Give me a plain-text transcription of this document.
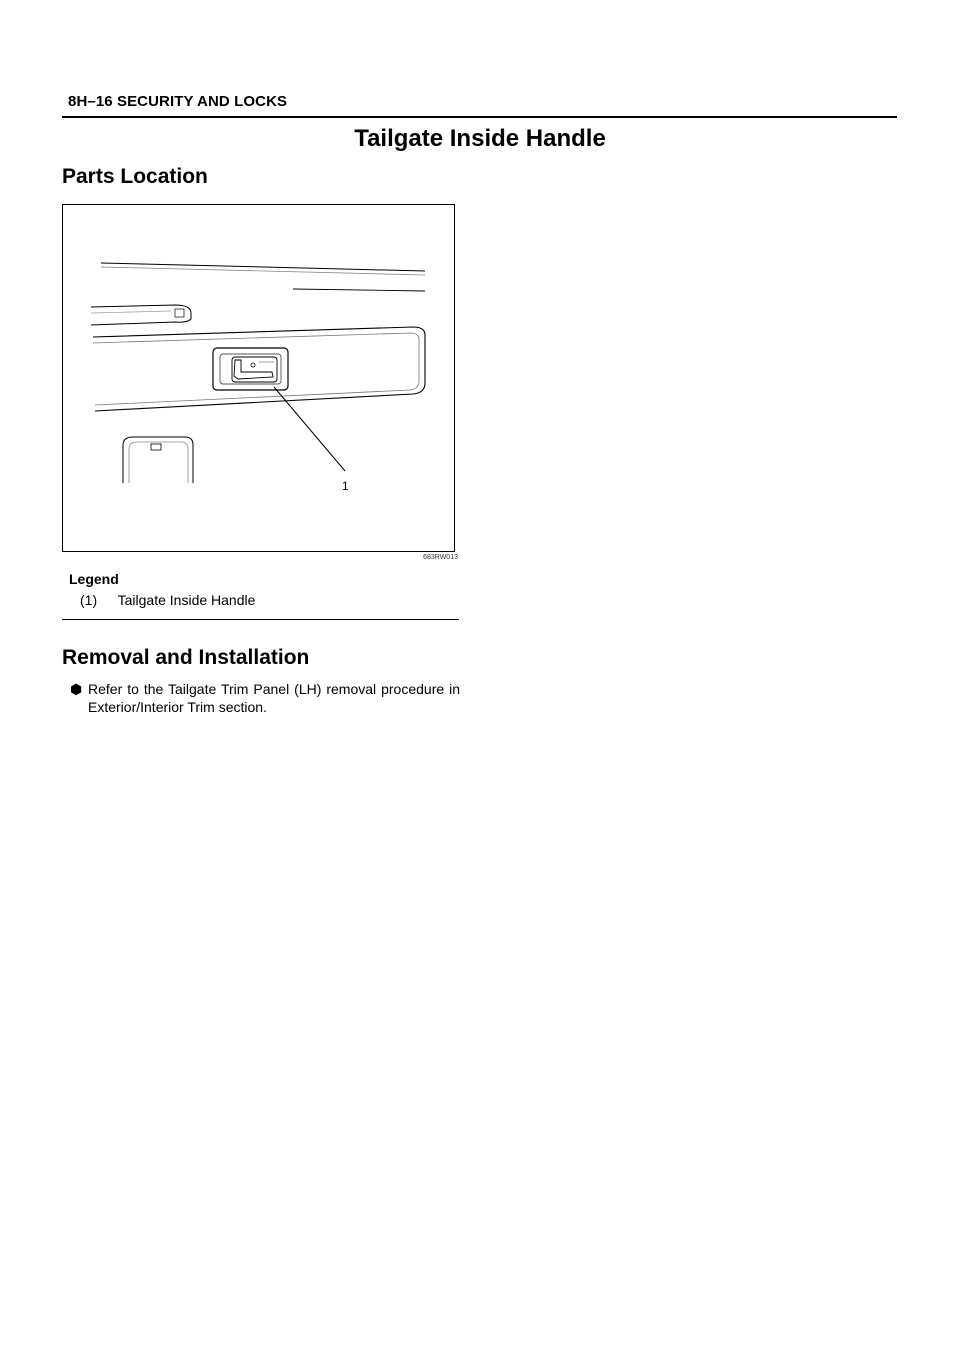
8H–16 SECURITY AND LOCKS
Tailgate Inside Handle
Parts Location
1
683RW013
Legend
(1) Tailgate Inside Handle
Removal and Installation
⬢ Refer to the Tailgate Trim Panel (LH) removal procedure in Exterior/Interior Trim section.
